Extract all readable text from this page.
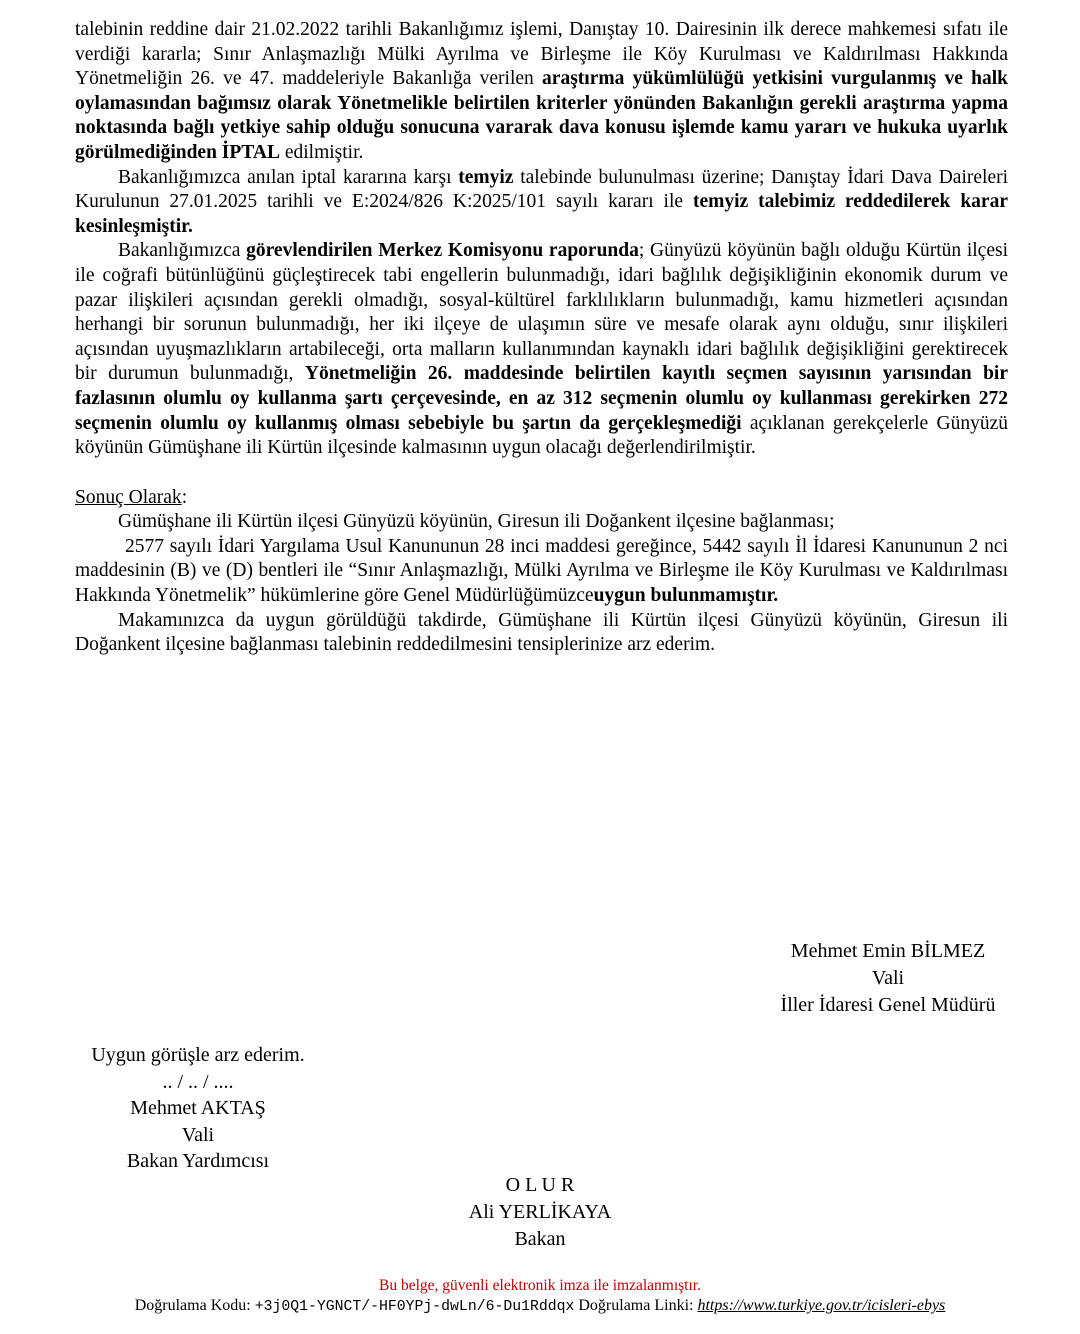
talebinin reddine dair 21.02.2022 tarihli Bakanlığımız işlemi, Danıştay 10. Dairesinin ilk derece mahkemesi sıfatı ile verdiği kararla; Sınır Anlaşmazlığı Mülki Ayrılma ve Birleşme ile Köy Kurulması ve Kaldırılması Hakkında Yönetmeliğin 26. ve 47. maddeleriyle Bakanlığa verilen araştırma yükümlülüğü yetkisini vurgulanmış ve halk oylamasından bağımsız olarak Yönetmelikle belirtilen kriterler yönünden Bakanlığın gerekli araştırma yapma noktasında bağlı yetkiye sahip olduğu sonucuna vararak dava konusu işlemde kamu yararı ve hukuka uyarlık görülmediğinden İPTAL edilmiştir.

Bakanlığımızca anılan iptal kararına karşı temyiz talebinde bulunulması üzerine; Danıştay İdari Dava Daireleri Kurulunun 27.01.2025 tarihli ve E:2024/826 K:2025/101 sayılı kararı ile temyiz talebimiz reddedilerek karar kesinleşmiştir.

Bakanlığımızca görevlendirilen Merkez Komisyonu raporunda; Günyüzü köyünün bağlı olduğu Kürtün ilçesi ile coğrafi bütünlüğünü güçleştirecek tabi engellerin bulunmadığı, idari bağlılık değişikliğinin ekonomik durum ve pazar ilişkileri açısından gerekli olmadığı, sosyal-kültürel farklılıkların bulunmadığı, kamu hizmetleri açısından herhangi bir sorunun bulunmadığı, her iki ilçeye de ulaşımın süre ve mesafe olarak aynı olduğu, sınır ilişkileri açısından uyuşmazlıkların artabileceği, orta malların kullanımından kaynaklı idari bağlılık değişikliğini gerektirecek bir durumun bulunmadığı, Yönetmeliğin 26. maddesinde belirtilen kayıtlı seçmen sayısının yarısından bir fazlasının olumlu oy kullanma şartı çerçevesinde, en az 312 seçmenin olumlu oy kullanması gerekirken 272 seçmenin olumlu oy kullanmış olması sebebiyle bu şartın da gerçekleşmediği açıklanan gerekçelerle Günyüzü köyünün Gümüşhane ili Kürtün ilçesinde kalmasının uygun olacağı değerlendirilmiştir.

Sonuç Olarak:

Gümüşhane ili Kürtün ilçesi Günyüzü köyünün, Giresun ili Doğankent ilçesine bağlanması;

2577 sayılı İdari Yargılama Usul Kanununun 28 inci maddesi gereğince, 5442 sayılı İl İdaresi Kanununun 2 nci maddesinin (B) ve (D) bentleri ile “Sınır Anlaşmazlığı, Mülki Ayrılma ve Birleşme ile Köy Kurulması ve Kaldırılması Hakkında Yönetmelik” hükümlerine göre Genel Müdürlüğümüzceuygun bulunmamıştır.

Makamınızca da uygun görüldüğü takdirde, Gümüşhane ili Kürtün ilçesi Günyüzü köyünün, Giresun ili Doğankent ilçesine bağlanması talebinin reddedilmesini tensiplerinize arz ederim.

Mehmet Emin BİLMEZ
Vali
İller İdaresi Genel Müdürü
Uygun görüşle arz ederim.
.. / .. / ....
Mehmet AKTAŞ
Vali
Bakan Yardımcısı
O L U R
Ali YERLİKAYA
Bakan
Bu belge, güvenli elektronik imza ile imzalanmıştır.
Doğrulama Kodu: +3j0Q1-YGNCT/-HF0YPj-dwLn/6-Du1Rddqx Doğrulama Linki: https://www.turkiye.gov.tr/icisleri-ebys
